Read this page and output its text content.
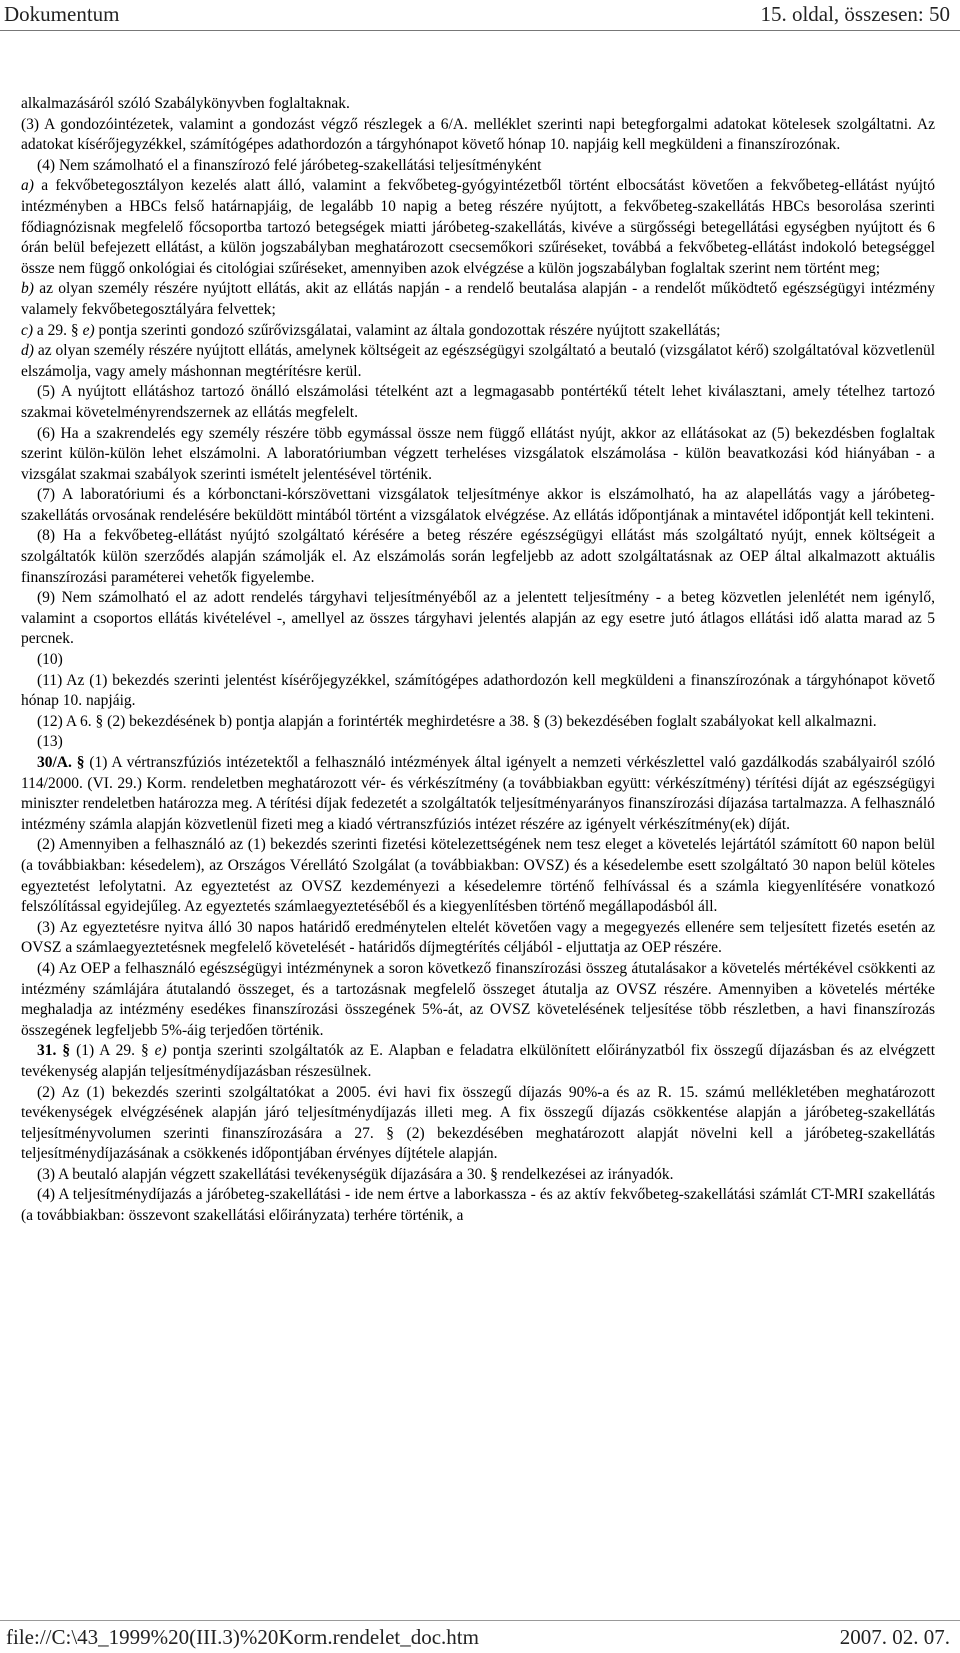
Dokumentum	15. oldal, összesen: 50

alkalmazásáról szóló Szabálykönyvben foglaltaknak.

(3) A gondozóintézetek, valamint a gondozást végző részlegek a 6/A. melléklet szerinti napi betegforgalmi adatokat kötelesek szolgáltatni. Az adatokat kísérőjegyzékkel, számítógépes adathordozón a tárgyhónapot követő hónap 10. napjáig kell megküldeni a finanszírozónak.

(4) Nem számolható el a finanszírozó felé járóbeteg-szakellátási teljesítményként

a) a fekvőbetegosztályon kezelés alatt álló, valamint a fekvőbeteg-gyógyintézetből történt elbocsátást követően a fekvőbeteg-ellátást nyújtó intézményben a HBCs felső határnapjáig, de legalább 10 napig a beteg részére nyújtott, a fekvőbeteg-szakellátás HBCs besorolása szerinti fődiagnózisnak megfelelő főcsoportba tartozó betegségek miatti járóbeteg-szakellátás, kivéve a sürgősségi betegellátási egységben nyújtott és 6 órán belül befejezett ellátást, a külön jogszabályban meghatározott csecsemőkori szűréseket, továbbá a fekvőbeteg-ellátást indokoló betegséggel össze nem függő onkológiai és citológiai szűréseket, amennyiben azok elvégzése a külön jogszabályban foglaltak szerint nem történt meg;

b) az olyan személy részére nyújtott ellátás, akit az ellátás napján - a rendelő beutalása alapján - a rendelőt működtető egészségügyi intézmény valamely fekvőbetegosztályára felvettek;

c) a 29. § e) pontja szerinti gondozó szűrővizsgálatai, valamint az általa gondozottak részére nyújtott szakellátás;

d) az olyan személy részére nyújtott ellátás, amelynek költségeit az egészségügyi szolgáltató a beutaló (vizsgálatot kérő) szolgáltatóval közvetlenül elszámolja, vagy amely máshonnan megtérítésre kerül.

(5) A nyújtott ellátáshoz tartozó önálló elszámolási tételként azt a legmagasabb pontértékű tételt lehet kiválasztani, amely tételhez tartozó szakmai követelményrendszernek az ellátás megfelelt.

(6) Ha a szakrendelés egy személy részére több egymással össze nem függő ellátást nyújt, akkor az ellátásokat az (5) bekezdésben foglaltak szerint külön-külön lehet elszámolni. A laboratóriumban végzett terheléses vizsgálatok elszámolása - külön beavatkozási kód hiányában - a vizsgálat szakmai szabályok szerinti ismételt jelentésével történik.

(7) A laboratóriumi és a kórbonctani-kórszövettani vizsgálatok teljesítménye akkor is elszámolható, ha az alapellátás vagy a járóbeteg-szakellátás orvosának rendelésére beküldött mintából történt a vizsgálatok elvégzése. Az ellátás időpontjának a mintavétel időpontját kell tekinteni.

(8) Ha a fekvőbeteg-ellátást nyújtó szolgáltató kérésére a beteg részére egészségügyi ellátást más szolgáltató nyújt, ennek költségeit a szolgáltatók külön szerződés alapján számolják el. Az elszámolás során legfeljebb az adott szolgáltatásnak az OEP által alkalmazott aktuális finanszírozási paraméterei vehetők figyelembe.

(9) Nem számolható el az adott rendelés tárgyhavi teljesítményéből az a jelentett teljesítmény - a beteg közvetlen jelenlétét nem igénylő, valamint a csoportos ellátás kivételével -, amellyel az összes tárgyhavi jelentés alapján az egy esetre jutó átlagos ellátási idő alatta marad az 5 percnek.

(10)

(11) Az (1) bekezdés szerinti jelentést kísérőjegyzékkel, számítógépes adathordozón kell megküldeni a finanszírozónak a tárgyhónapot követő hónap 10. napjáig.

(12) A 6. § (2) bekezdésének b) pontja alapján a forintérték meghirdetésre a 38. § (3) bekezdésében foglalt szabályokat kell alkalmazni.

(13)

30/A. § (1) A vértranszfúziós intézetektől a felhasználó intézmények által igényelt a nemzeti vérkészlettel való gazdálkodás szabályairól szóló 114/2000. (VI. 29.) Korm. rendeletben meghatározott vér- és vérkészítmény (a továbbiakban együtt: vérkészítmény) térítési díját az egészségügyi miniszter rendeletben határozza meg. A térítési díjak fedezetét a szolgáltatók teljesítményarányos finanszírozási díjazása tartalmazza. A felhasználó intézmény számla alapján közvetlenül fizeti meg a kiadó vértranszfúziós intézet részére az igényelt vérkészítmény(ek) díját.

(2) Amennyiben a felhasználó az (1) bekezdés szerinti fizetési kötelezettségének nem tesz eleget a követelés lejártától számított 60 napon belül (a továbbiakban: késedelem), az Országos Vérellátó Szolgálat (a továbbiakban: OVSZ) és a késedelembe esett szolgáltató 30 napon belül köteles egyeztetést lefolytatni. Az egyeztetést az OVSZ kezdeményezi a késedelemre történő felhívással és a számla kiegyenlítésére vonatkozó felszólítással egyidejűleg. Az egyeztetés számlaegyeztetéséből és a kiegyenlítésben történő megállapodásból áll.

(3) Az egyeztetésre nyitva álló 30 napos határidő eredménytelen eltelét követően vagy a megegyezés ellenére sem teljesített fizetés esetén az OVSZ a számlaegyeztetésnek megfelelő követelését - határidős díjmegtérítés céljából - eljuttatja az OEP részére.

(4) Az OEP a felhasználó egészségügyi intézménynek a soron következő finanszírozási összeg átutalásakor a követelés mértékével csökkenti az intézmény számlájára átutalandó összeget, és a tartozásnak megfelelő összeget átutalja az OVSZ részére. Amennyiben a követelés mértéke meghaladja az intézmény esedékes finanszírozási összegének 5%-át, az OVSZ követelésének teljesítése több részletben, a havi finanszírozás összegének legfeljebb 5%-áig terjedően történik.

31. § (1) A 29. § e) pontja szerinti szolgáltatók az E. Alapban e feladatra elkülönített előirányzatból fix összegű díjazásban és az elvégzett tevékenység alapján teljesítménydíjazásban részesülnek.

(2) Az (1) bekezdés szerinti szolgáltatókat a 2005. évi havi fix összegű díjazás 90%-a és az R. 15. számú mellékletében meghatározott tevékenységek elvégzésének alapján járó teljesítménydíjazás illeti meg. A fix összegű díjazás csökkentése alapján a járóbeteg-szakellátás teljesítményvolumen szerinti finanszírozására a 27. § (2) bekezdésében meghatározott alapját növelni kell a járóbeteg-szakellátás teljesítménydíjazásának a csökkenés időpontjában érvényes díjtétele alapján.

(3) A beutaló alapján végzett szakellátási tevékenységük díjazására a 30. § rendelkezései az irányadók.

(4) A teljesítménydíjazás a járóbeteg-szakellátási - ide nem értve a laborkassza - és az aktív fekvőbeteg-szakellátási számlát CT-MRI szakellátás (a továbbiakban: összevont szakellátási előirányzata) terhére történik, a

file://C:\43_1999%20(III.3)%20Korm.rendelet_doc.htm	2007. 02. 07.
